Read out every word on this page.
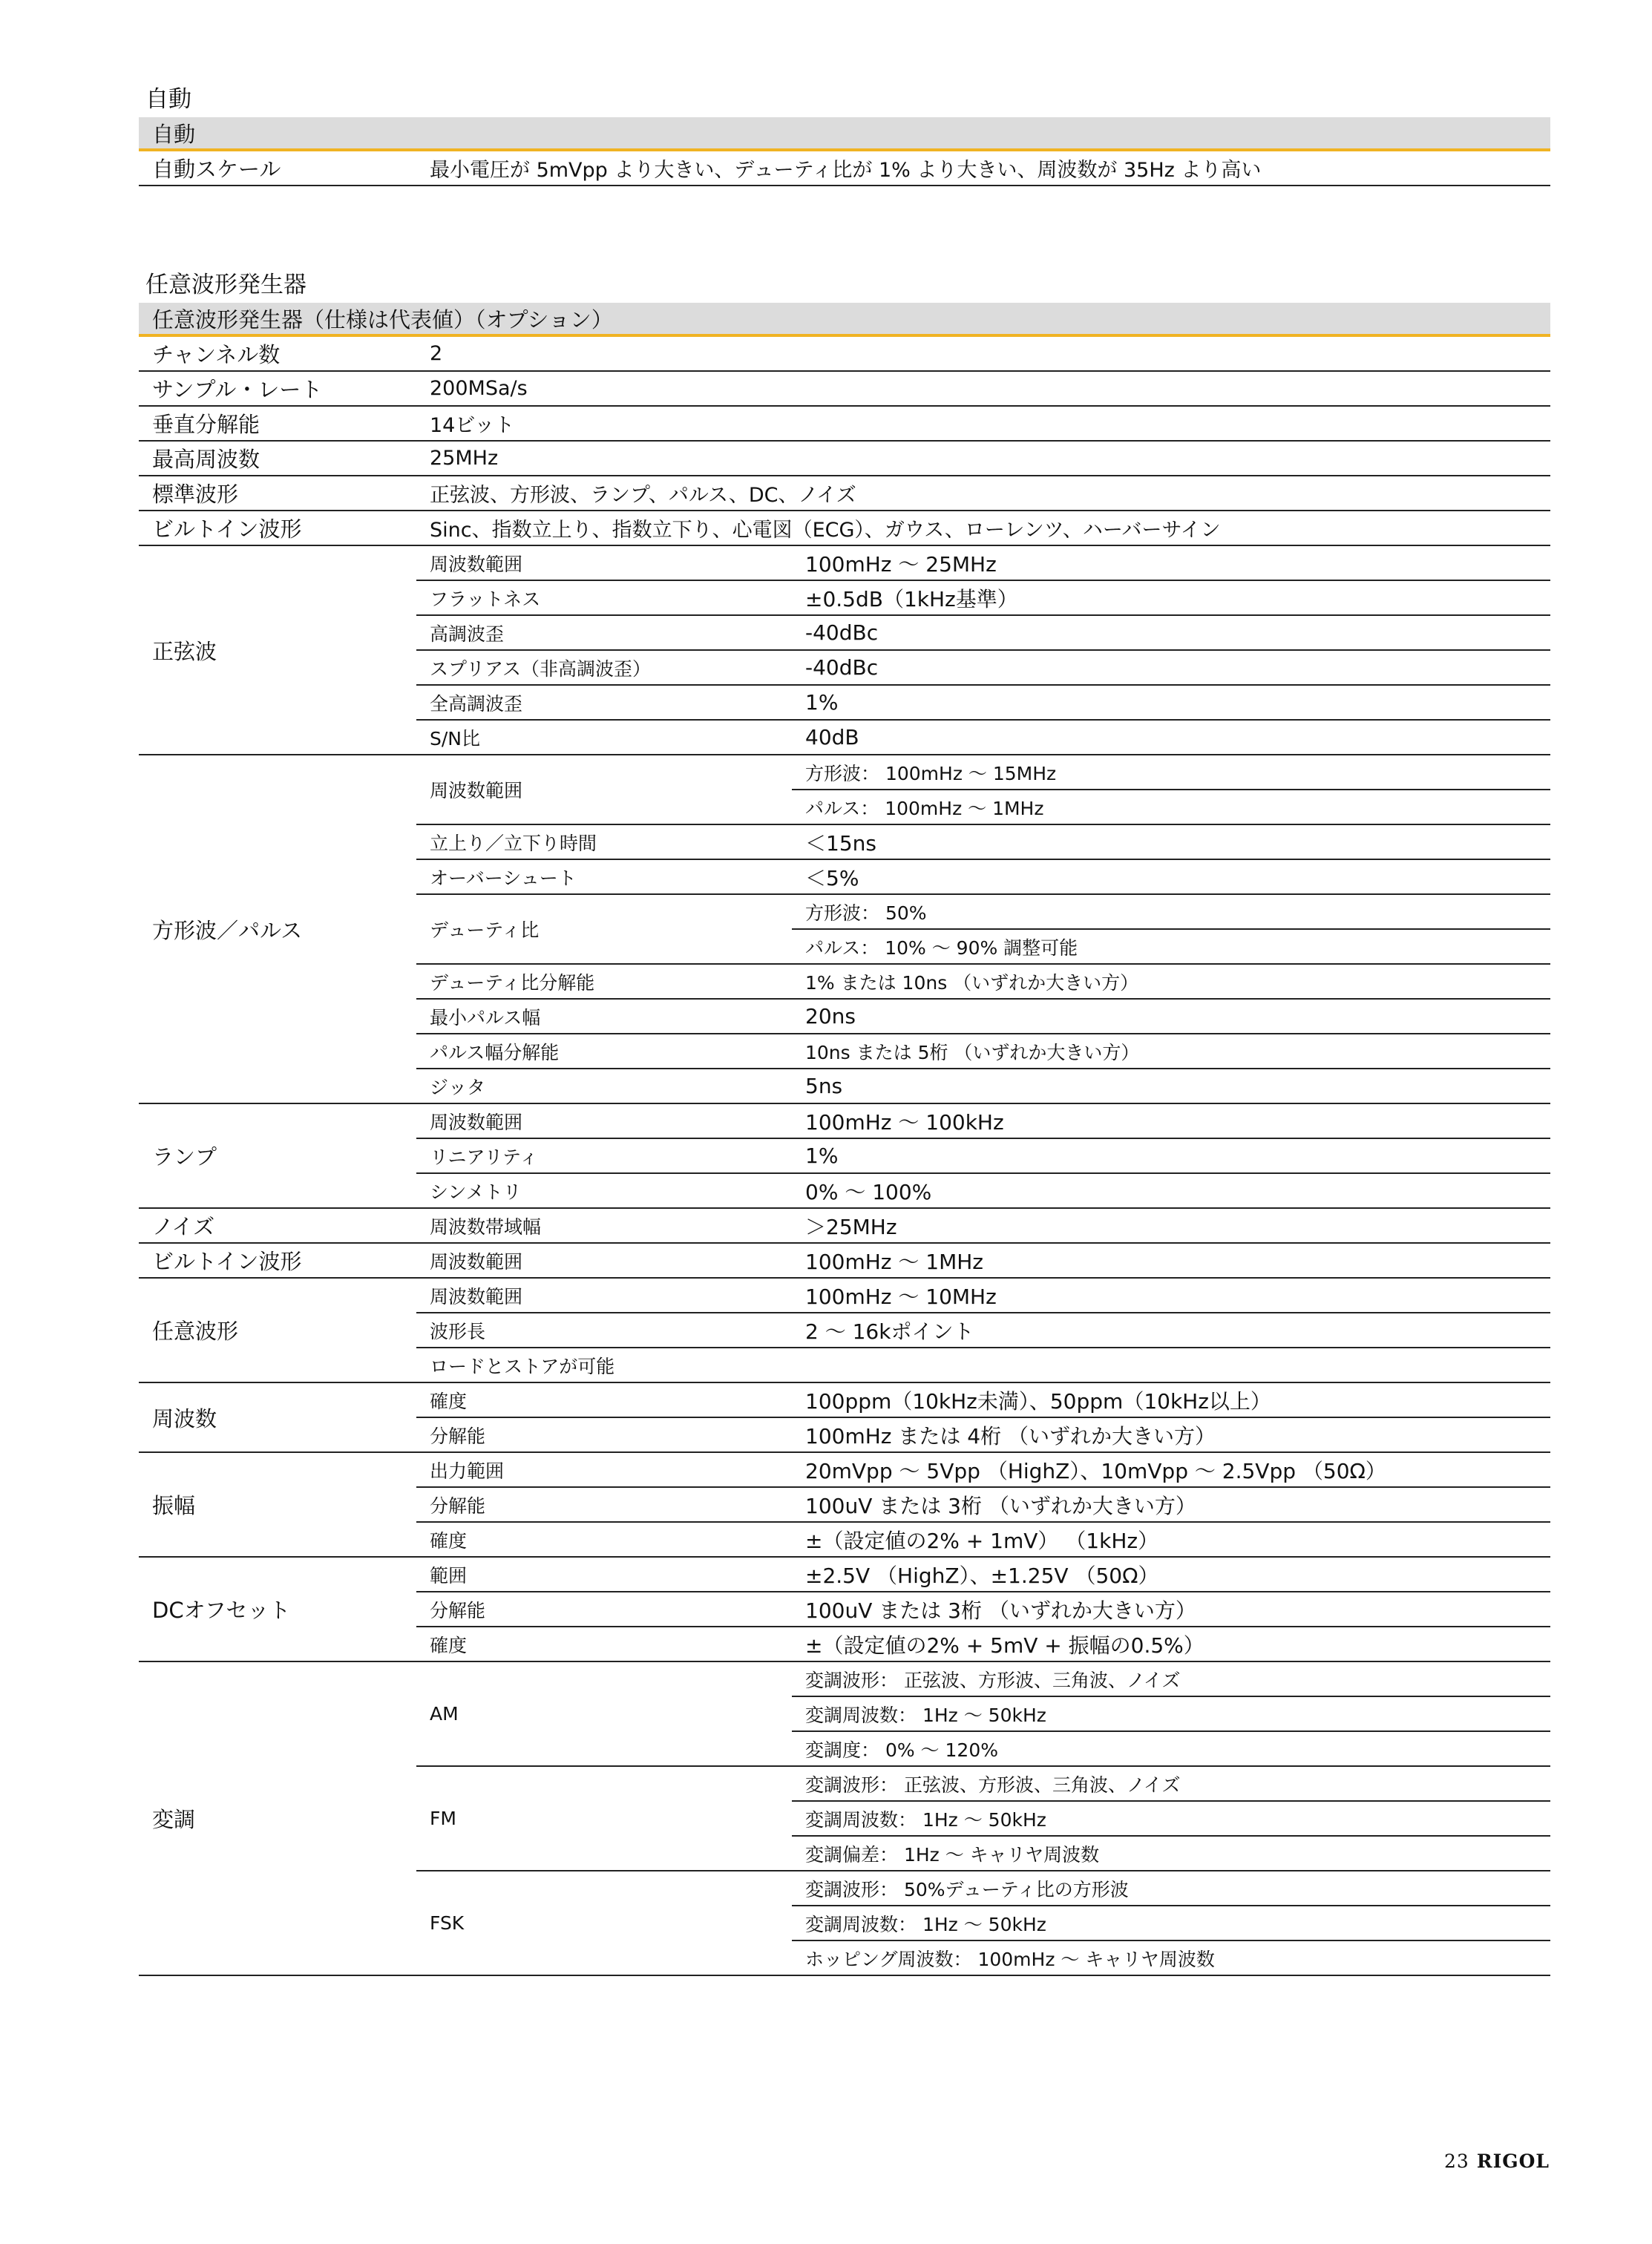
自動
自動
自動スケール	最小電圧が 5mVpp より大きい、デューティ比が 1% より大きい、周波数が 35Hz より高い
任意波形発生器
任意波形発生器（仕様は代表値）（オプション）		
チャンネル数	2	
サンプル・レート	200MSa/s	
垂直分解能	14ビット	
最高周波数	25MHz	
標準波形	正弦波、方形波、ランプ、パルス、DC、ノイズ	
ビルトイン波形	Sinc、指数立上り、指数立下り、心電図（ECG）、ガウス、ローレンツ、ハーバーサイン	
正弦波	周波数範囲	100mHz ～ 25MHz
	フラットネス	±0.5dB（1kHz基準）
	高調波歪	-40dBc
	スプリアス（非高調波歪）	-40dBc
	全高調波歪	1%
	S/N比	40dB
方形波／パルス	周波数範囲	方形波： 100mHz ～ 15MHz
		パルス： 100mHz ～ 1MHz
	立上り／立下り時間	＜15ns
	オーバーシュート	＜5%
	デューティ比	方形波： 50%
		パルス： 10% ～ 90% 調整可能
	デューティ比分解能	1% または 10ns （いずれか大きい方）
	最小パルス幅	20ns
	パルス幅分解能	10ns または 5桁 （いずれか大きい方）
	ジッタ	5ns
ランプ	周波数範囲	100mHz ～ 100kHz
	リニアリティ	1%
	シンメトリ	0% ～ 100%
ノイズ	周波数帯域幅	＞25MHz
ビルトイン波形	周波数範囲	100mHz ～ 1MHz
任意波形	周波数範囲	100mHz ～ 10MHz
	波形長	2 ～ 16kポイント
	ロードとストアが可能	
周波数	確度	100ppm（10kHz未満）、50ppm（10kHz以上）
	分解能	100mHz または 4桁 （いずれか大きい方）
振幅	出力範囲	20mVpp ～ 5Vpp （HighZ）、10mVpp ～ 2.5Vpp （50Ω）
	分解能	100uV または 3桁 （いずれか大きい方）
	確度	±（設定値の2% + 1mV） （1kHz）
DCオフセット	範囲	±2.5V （HighZ）、±1.25V （50Ω）
	分解能	100uV または 3桁 （いずれか大きい方）
	確度	±（設定値の2% + 5mV + 振幅の0.5%）
変調	AM	変調波形： 正弦波、方形波、三角波、ノイズ
		変調周波数： 1Hz ～ 50kHz
		変調度： 0% ～ 120%
	FM	変調波形： 正弦波、方形波、三角波、ノイズ
		変調周波数： 1Hz ～ 50kHz
		変調偏差： 1Hz ～ キャリヤ周波数
	FSK	変調波形： 50%デューティ比の方形波
		変調周波数： 1Hz ～ 50kHz
		ホッピング周波数： 100mHz ～ キャリヤ周波数
23 RIGOL
